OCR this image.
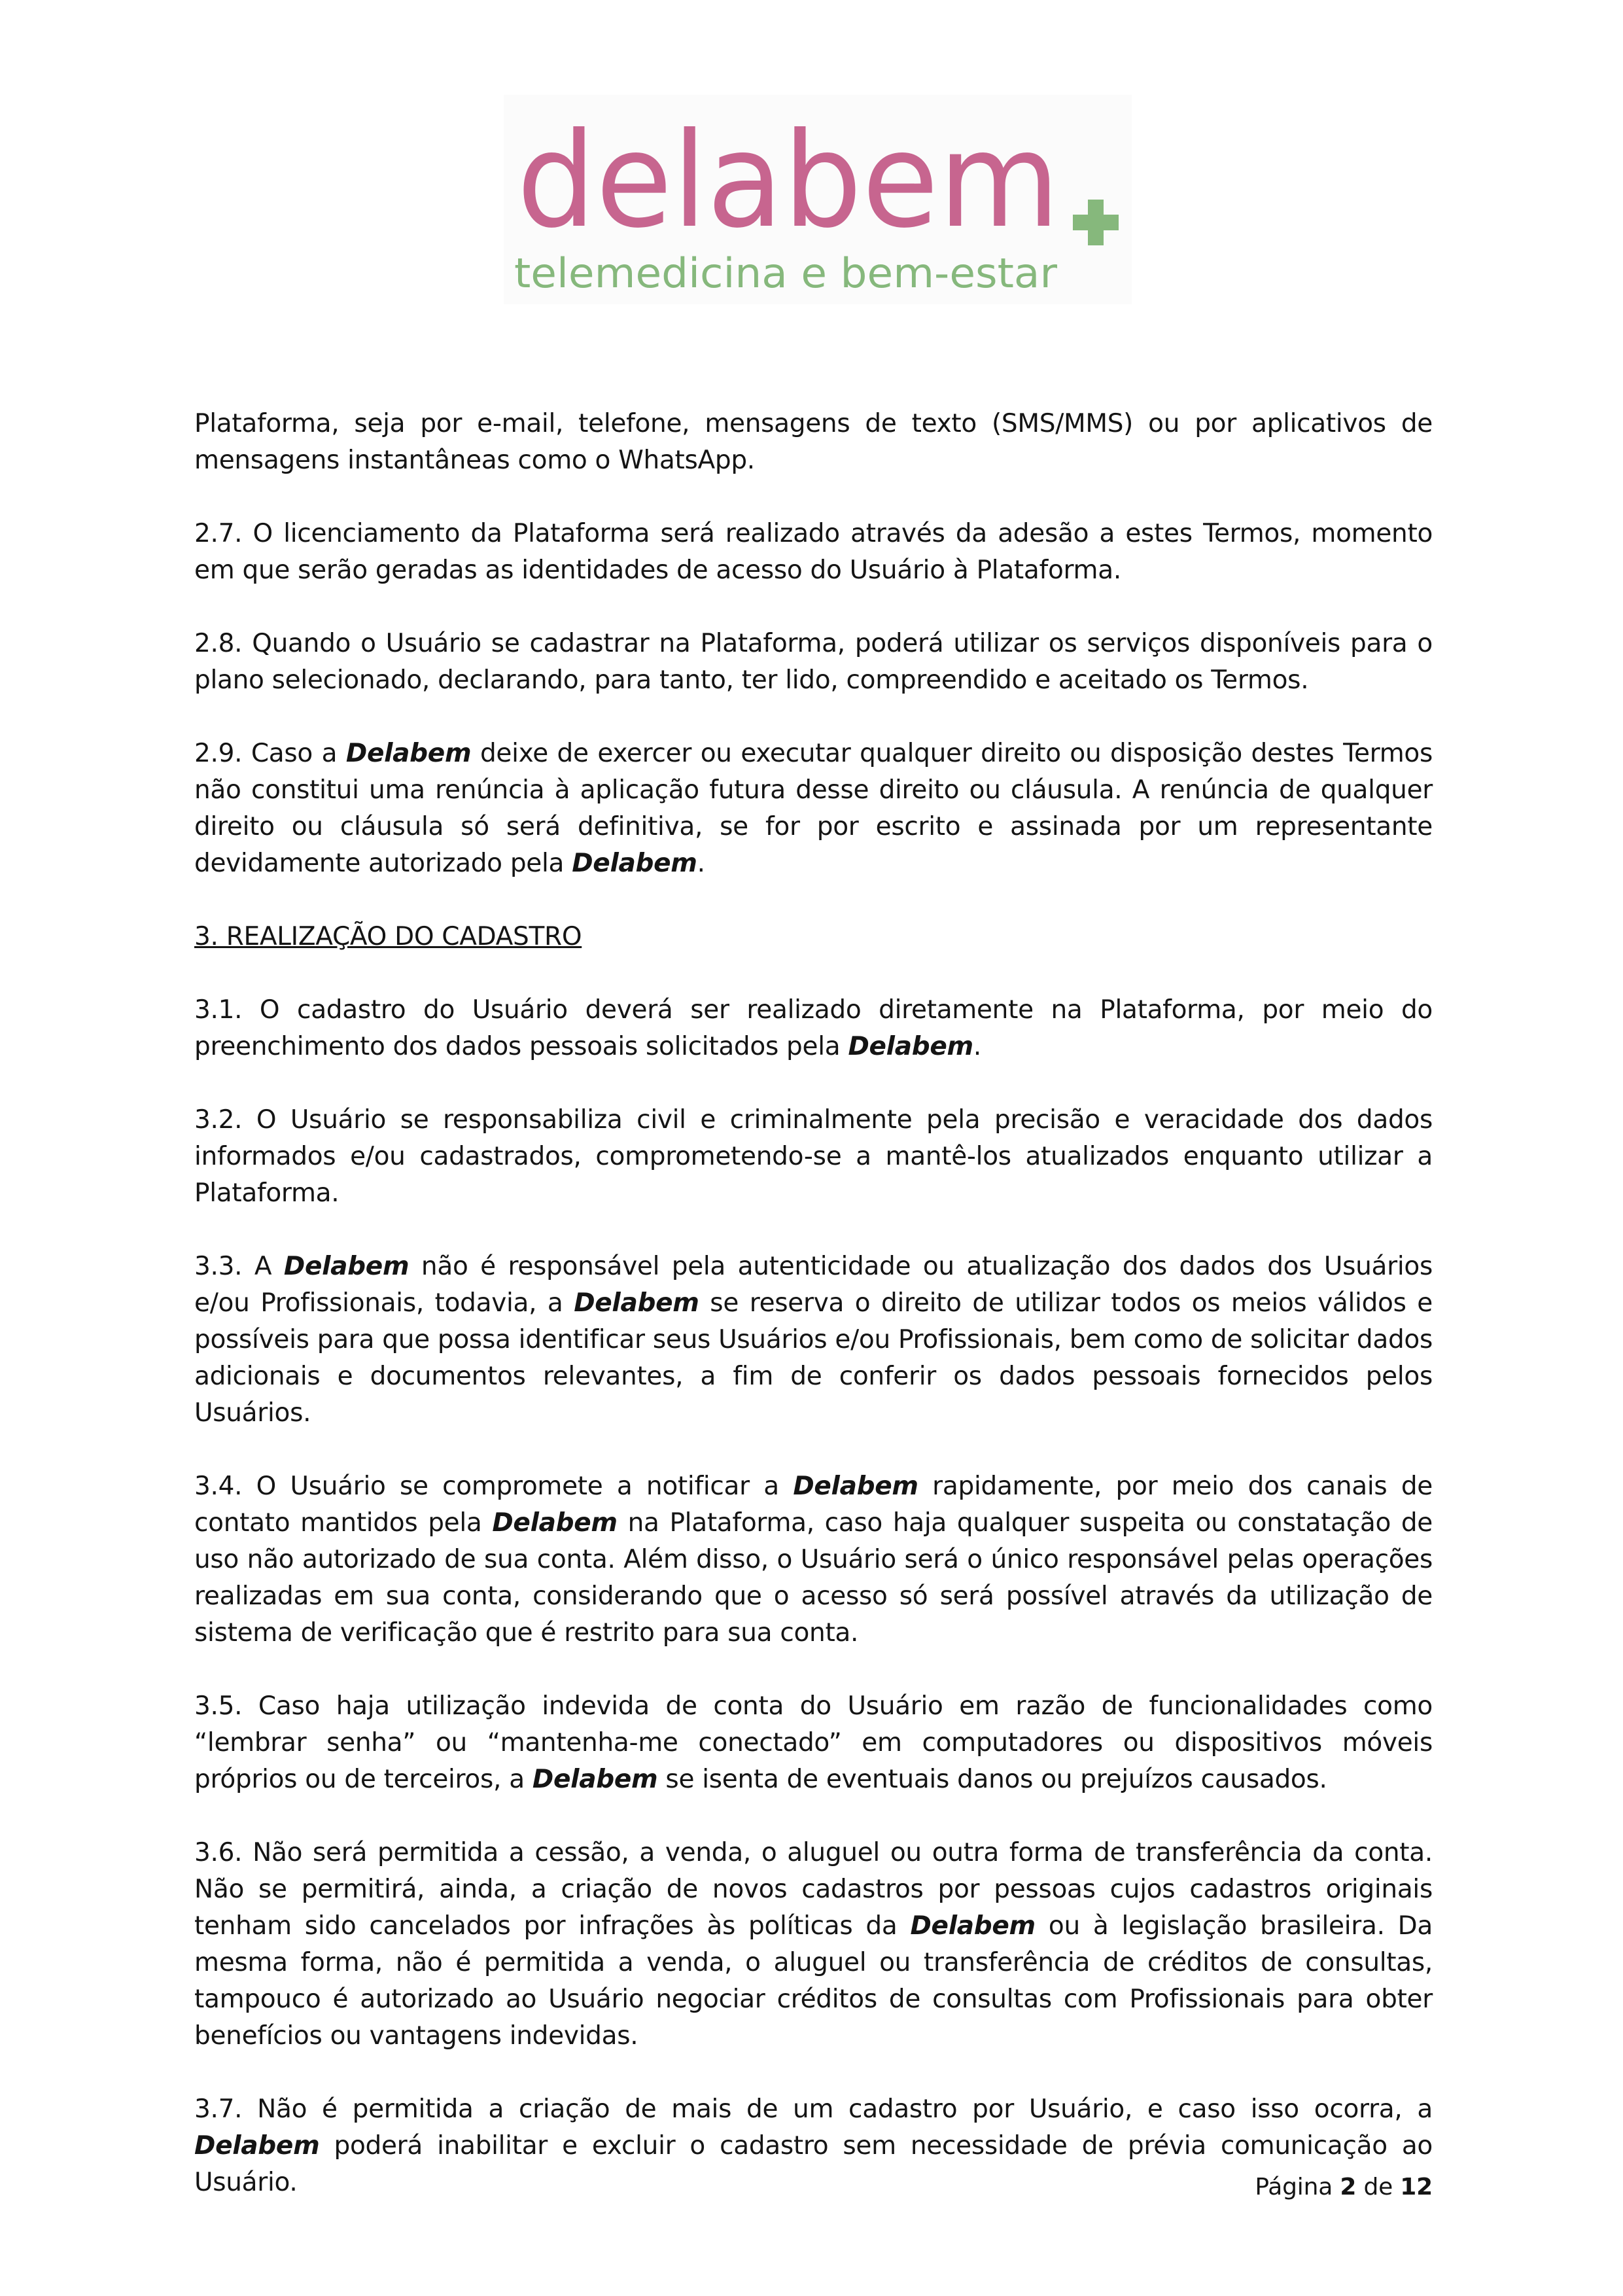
delabem
telemedicina e bem-estar

Plataforma, seja por e-mail, telefone, mensagens de texto (SMS/MMS) ou por aplicativos de mensagens instantâneas como o WhatsApp.

2.7. O licenciamento da Plataforma será realizado através da adesão a estes Termos, momento em que serão geradas as identidades de acesso do Usuário à Plataforma.

2.8. Quando o Usuário se cadastrar na Plataforma, poderá utilizar os serviços disponíveis para o plano selecionado, declarando, para tanto, ter lido, compreendido e aceitado os Termos.

2.9. Caso a Delabem deixe de exercer ou executar qualquer direito ou disposição destes Termos não constitui uma renúncia à aplicação futura desse direito ou cláusula. A renúncia de qualquer direito ou cláusula só será definitiva, se for por escrito e assinada por um representante devidamente autorizado pela Delabem.

3. REALIZAÇÃO DO CADASTRO

3.1. O cadastro do Usuário deverá ser realizado diretamente na Plataforma, por meio do preenchimento dos dados pessoais solicitados pela Delabem.

3.2. O Usuário se responsabiliza civil e criminalmente pela precisão e veracidade dos dados informados e/ou cadastrados, comprometendo-se a mantê-los atualizados enquanto utilizar a Plataforma.

3.3. A Delabem não é responsável pela autenticidade ou atualização dos dados dos Usuários e/ou Profissionais, todavia, a Delabem se reserva o direito de utilizar todos os meios válidos e possíveis para que possa identificar seus Usuários e/ou Profissionais, bem como de solicitar dados adicionais e documentos relevantes, a fim de conferir os dados pessoais fornecidos pelos Usuários.

3.4. O Usuário se compromete a notificar a Delabem rapidamente, por meio dos canais de contato mantidos pela Delabem na Plataforma, caso haja qualquer suspeita ou constatação de uso não autorizado de sua conta. Além disso, o Usuário será o único responsável pelas operações realizadas em sua conta, considerando que o acesso só será possível através da utilização de sistema de verificação que é restrito para sua conta.

3.5. Caso haja utilização indevida de conta do Usuário em razão de funcionalidades como “lembrar senha” ou “mantenha-me conectado” em computadores ou dispositivos móveis próprios ou de terceiros, a Delabem se isenta de eventuais danos ou prejuízos causados.

3.6. Não será permitida a cessão, a venda, o aluguel ou outra forma de transferência da conta. Não se permitirá, ainda, a criação de novos cadastros por pessoas cujos cadastros originais tenham sido cancelados por infrações às políticas da Delabem ou à legislação brasileira. Da mesma forma, não é permitida a venda, o aluguel ou transferência de créditos de consultas, tampouco é autorizado ao Usuário negociar créditos de consultas com Profissionais para obter benefícios ou vantagens indevidas.

3.7. Não é permitida a criação de mais de um cadastro por Usuário, e caso isso ocorra, a Delabem poderá inabilitar e excluir o cadastro sem necessidade de prévia comunicação ao Usuário.	Página 2 de 12
